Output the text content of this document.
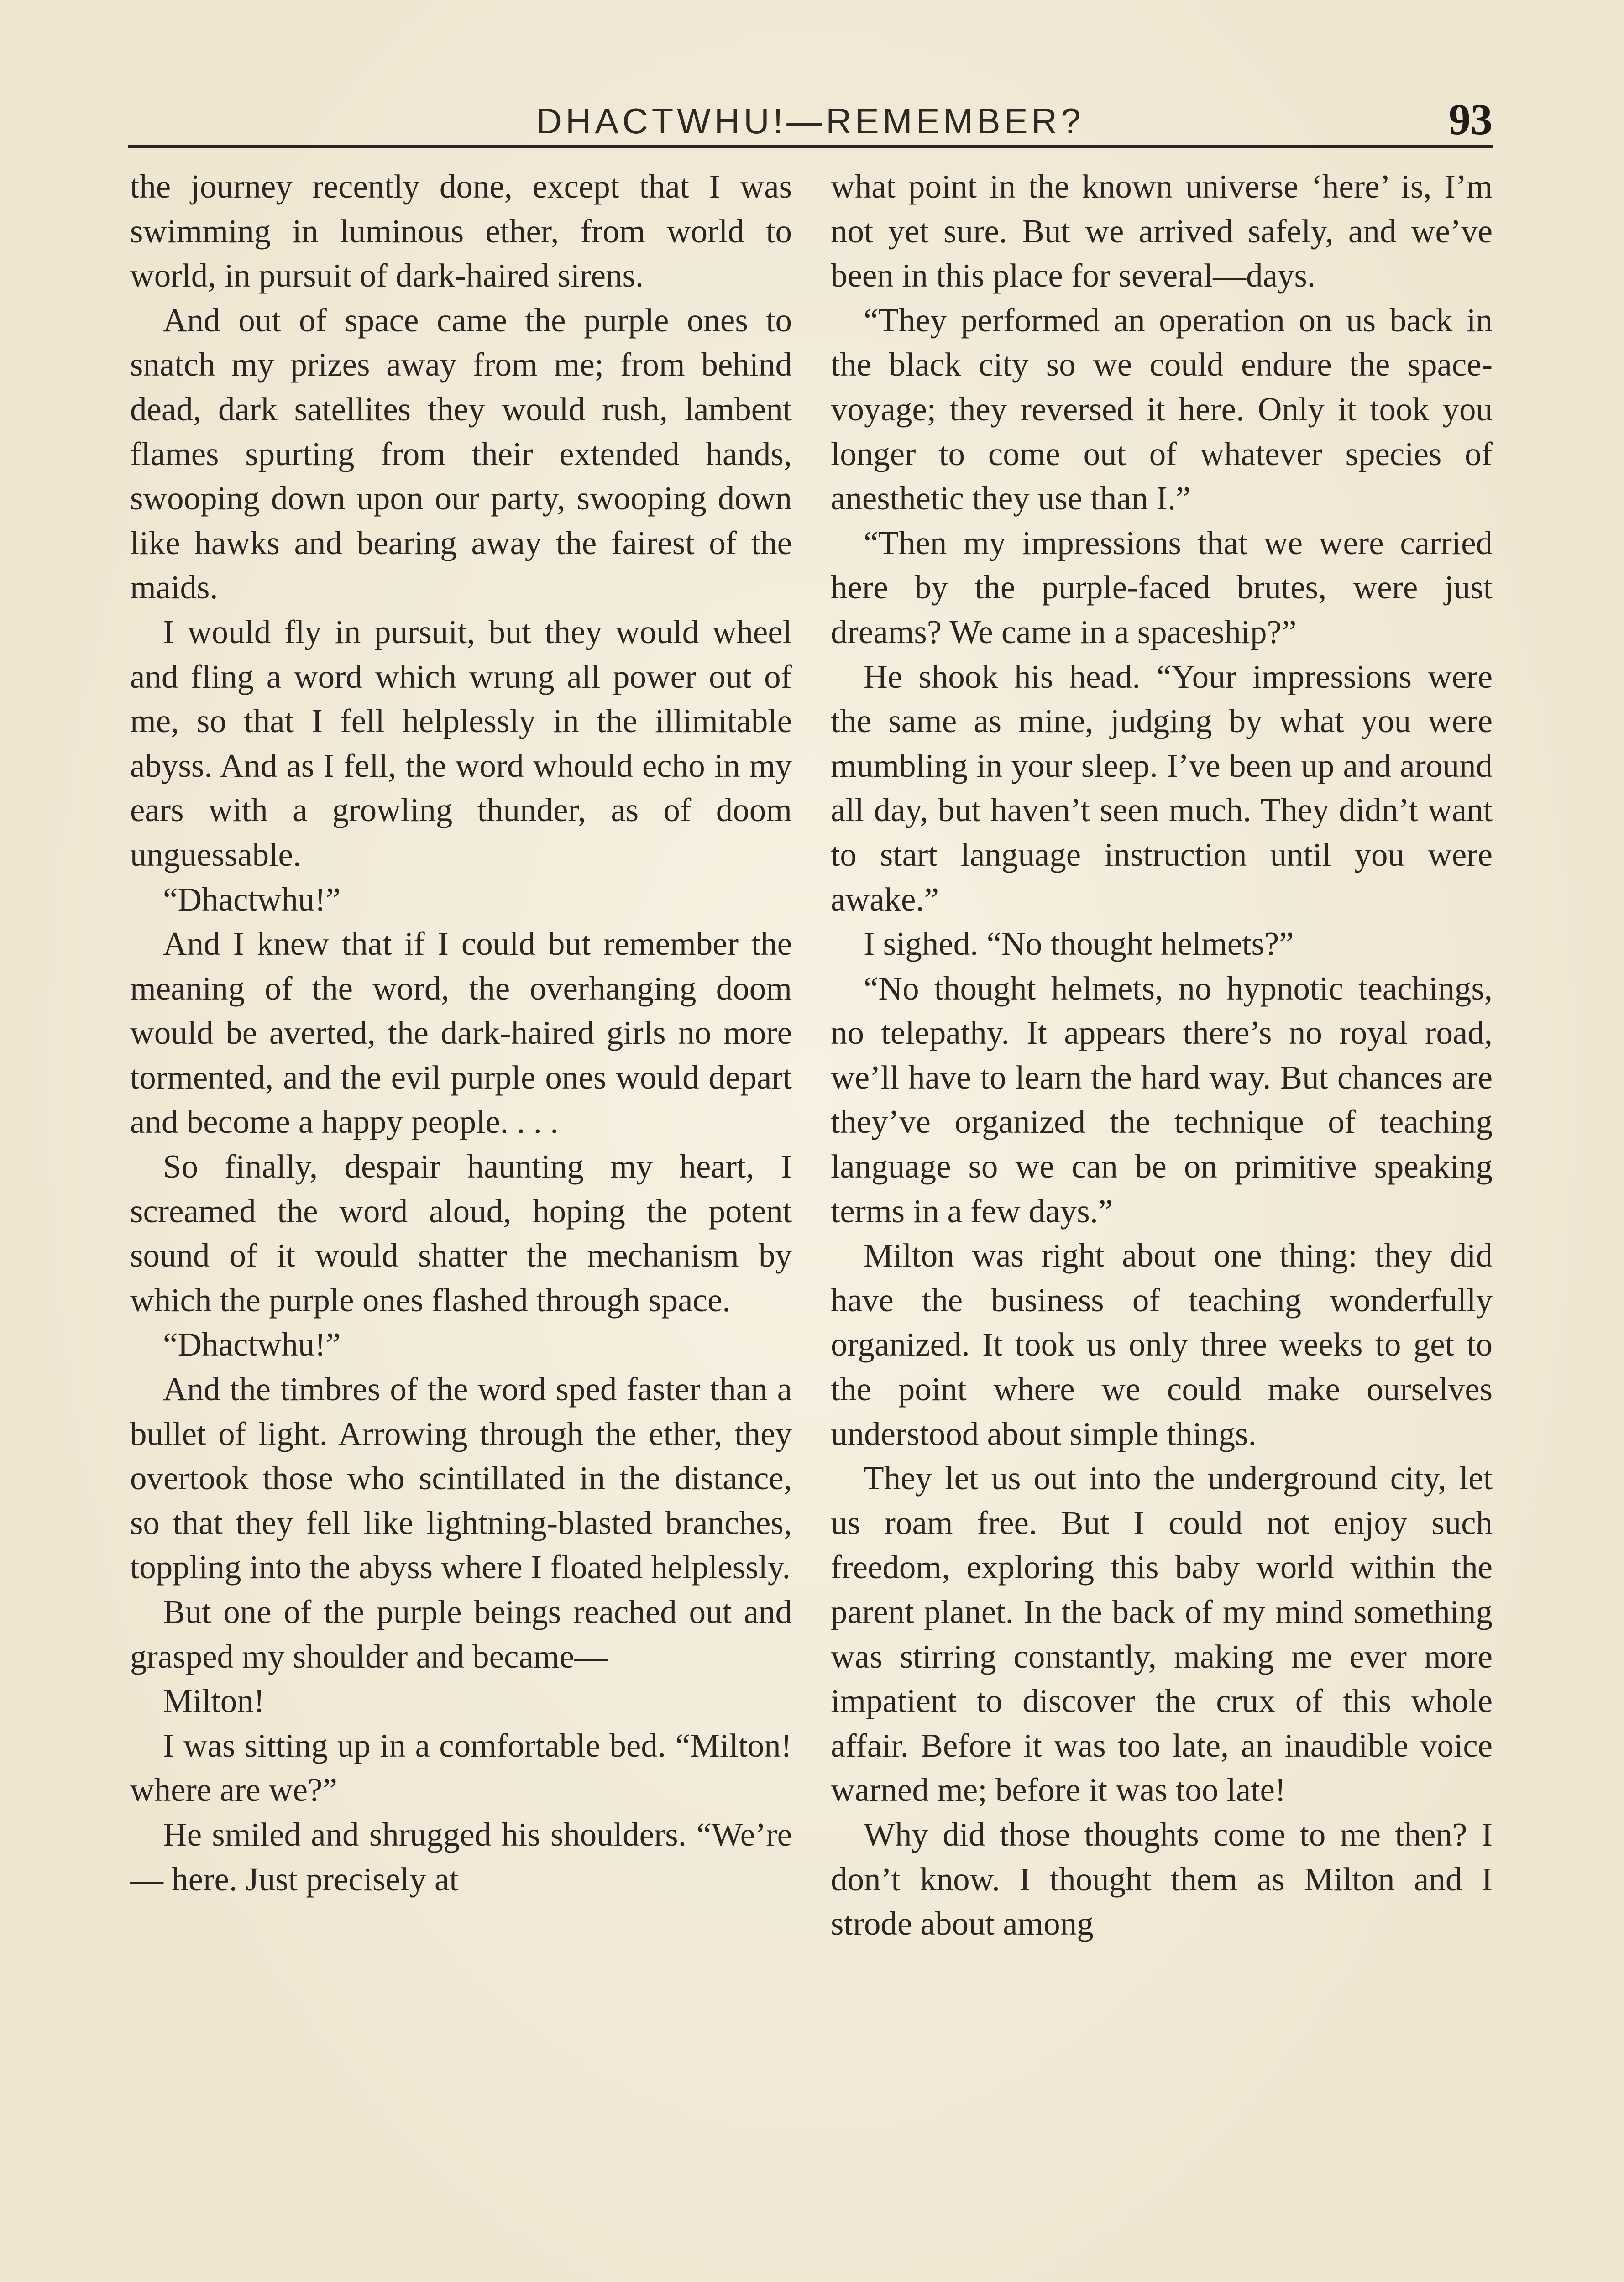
DHACTWHU!—REMEMBER?	93

the journey recently done, except that I was swimming in luminous ether, from world to world, in pursuit of dark-haired sirens.

And out of space came the purple ones to snatch my prizes away from me; from behind dead, dark satellites they would rush, lambent flames spurting from their extended hands, swooping down upon our party, swooping down like hawks and bearing away the fairest of the maids.

I would fly in pursuit, but they would wheel and fling a word which wrung all power out of me, so that I fell helplessly in the illimitable abyss. And as I fell, the word whould echo in my ears with a growling thunder, as of doom unguessable.

“Dhactwhu!”

And I knew that if I could but remember the meaning of the word, the overhanging doom would be averted, the dark-haired girls no more tormented, and the evil purple ones would depart and become a happy people. . . .

So finally, despair haunting my heart, I screamed the word aloud, hoping the potent sound of it would shatter the mechanism by which the purple ones flashed through space.

“Dhactwhu!”

And the timbres of the word sped faster than a bullet of light. Arrowing through the ether, they overtook those who scintillated in the distance, so that they fell like lightning-blasted branches, toppling into the abyss where I floated helplessly.

But one of the purple beings reached out and grasped my shoulder and became—

Milton!

I was sitting up in a comfortable bed. “Milton! where are we?”

He smiled and shrugged his shoulders. “We’re — here. Just precisely at

what point in the known universe ‘here’ is, I’m not yet sure. But we arrived safely, and we’ve been in this place for several—days.

“They performed an operation on us back in the black city so we could endure the space-voyage; they reversed it here. Only it took you longer to come out of whatever species of anesthetic they use than I.”

“Then my impressions that we were carried here by the purple-faced brutes, were just dreams? We came in a spaceship?”

He shook his head. “Your impressions were the same as mine, judging by what you were mumbling in your sleep. I’ve been up and around all day, but haven’t seen much. They didn’t want to start language instruction until you were awake.”

I sighed. “No thought helmets?”

“No thought helmets, no hypnotic teachings, no telepathy. It appears there’s no royal road, we’ll have to learn the hard way. But chances are they’ve organized the technique of teaching language so we can be on primitive speaking terms in a few days.”

Milton was right about one thing: they did have the business of teaching wonderfully organized. It took us only three weeks to get to the point where we could make ourselves understood about simple things.

They let us out into the underground city, let us roam free. But I could not enjoy such freedom, exploring this baby world within the parent planet. In the back of my mind something was stirring constantly, making me ever more impatient to discover the crux of this whole affair. Before it was too late, an inaudible voice warned me; before it was too late!

Why did those thoughts come to me then? I don’t know. I thought them as Milton and I strode about among
